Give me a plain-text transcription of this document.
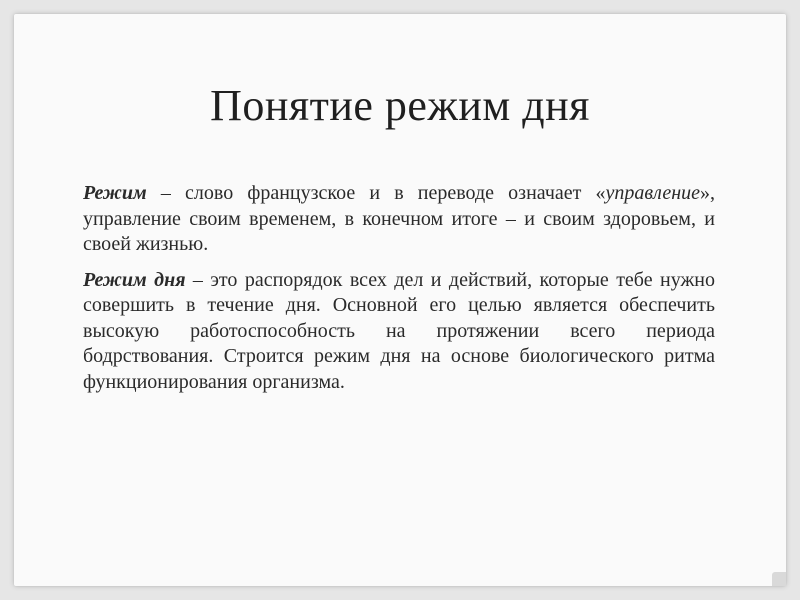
Понятие режим дня

Режим – слово французское и в переводе означает «управление», управление своим временем, в конечном итоге – и своим здоровьем, и своей жизнью.

Режим дня – это распорядок всех дел и действий, которые тебе нужно совершить в течение дня. Основной его целью является обеспечить высокую работоспособность на протяжении всего периода бодрствования. Строится режим дня на основе биологического ритма функционирования организма.
